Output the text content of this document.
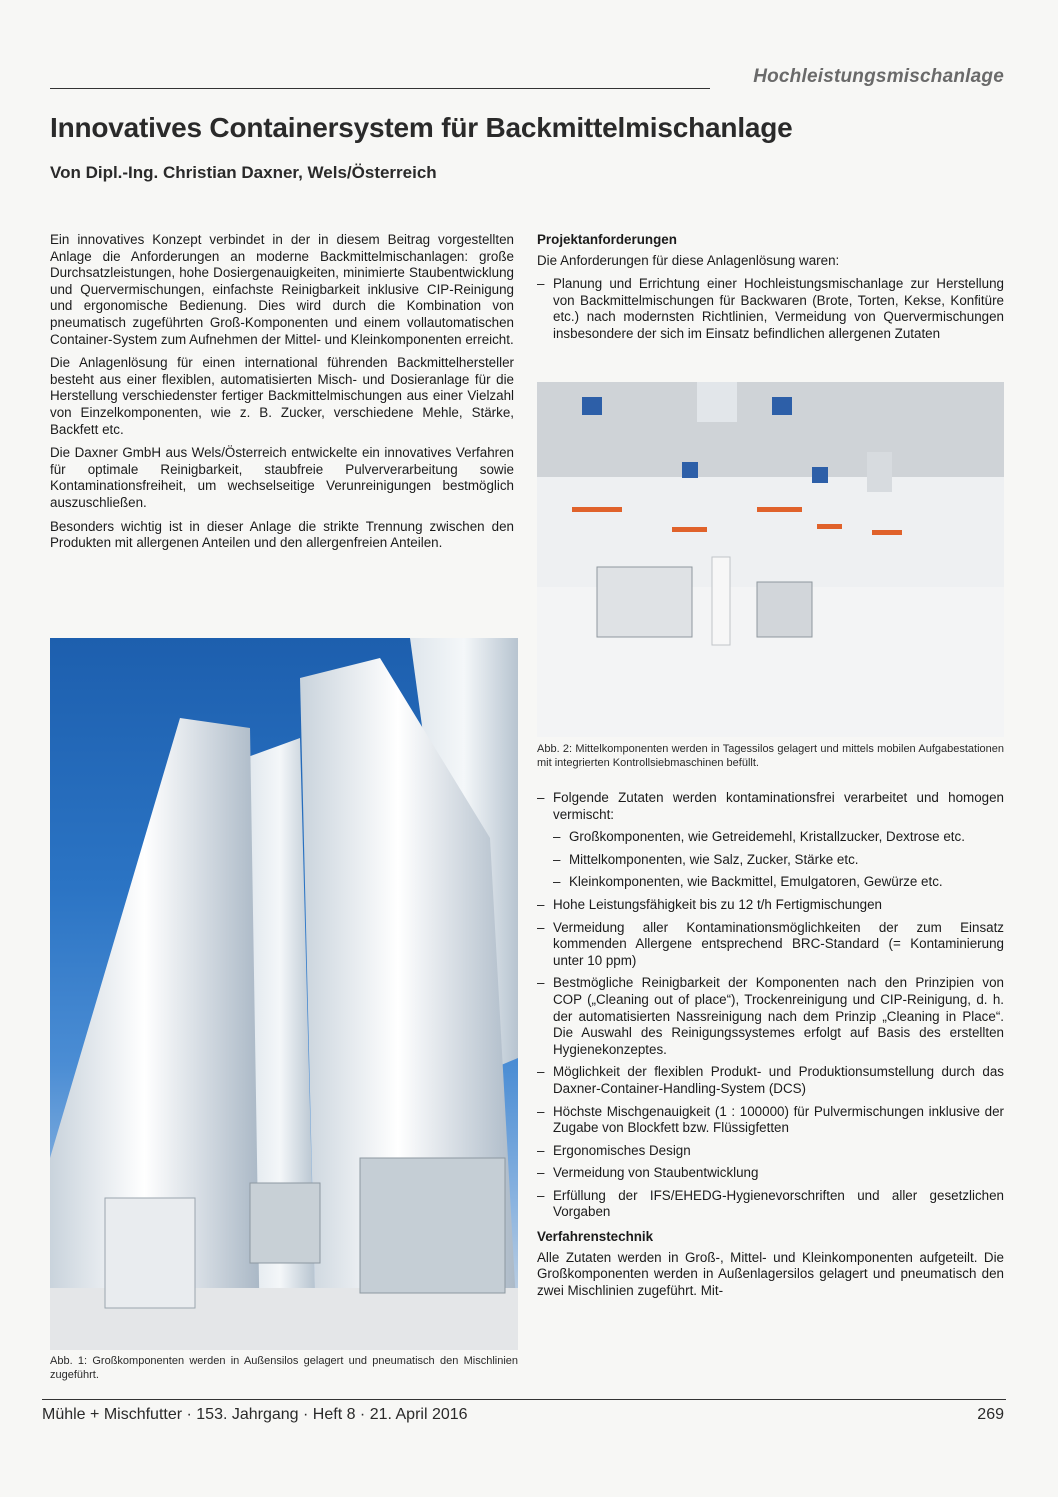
Hochleistungsmischanlage
Innovatives Containersystem für Backmittelmischanlage
Von Dipl.-Ing. Christian Daxner, Wels/Österreich

Ein innovatives Konzept verbindet in der in diesem Beitrag vorgestellten Anlage die Anforderungen an moderne Backmittelmischanlagen: große Durchsatzleistungen, hohe Dosiergenauigkeiten, minimierte Staubentwicklung und Quervermischungen, einfachste Reinigbarkeit inklusive CIP-Reinigung und ergonomische Bedienung. Dies wird durch die Kombination von pneumatisch zugeführten Groß-Komponenten und einem vollautomatischen Container-System zum Aufnehmen der Mittel- und Kleinkomponenten erreicht.

Die Anlagenlösung für einen international führenden Backmittelhersteller besteht aus einer flexiblen, automatisierten Misch- und Dosieranlage für die Herstellung verschiedenster fertiger Backmittelmischungen aus einer Vielzahl von Einzelkomponenten, wie z. B. Zucker, verschiedene Mehle, Stärke, Backfett etc.

Die Daxner GmbH aus Wels/Österreich entwickelte ein innovatives Verfahren für optimale Reinigbarkeit, staubfreie Pulververarbeitung sowie Kontaminationsfreiheit, um wechselseitige Verunreinigungen bestmöglich auszuschließen.

Besonders wichtig ist in dieser Anlage die strikte Trennung zwischen den Produkten mit allergenen Anteilen und den allergenfreien Anteilen.

Abb. 1: Großkomponenten werden in Außensilos gelagert und pneumatisch den Mischlinien zugeführt.
Projektanforderungen

Die Anforderungen für diese Anlagenlösung waren:

– Planung und Errichtung einer Hochleistungsmischanlage zur Herstellung von Backmittelmischungen für Backwaren (Brote, Torten, Kekse, Konfitüre etc.) nach modernsten Richtlinien, Vermeidung von Quervermischungen insbesondere der sich im Einsatz befindlichen allergenen Zutaten
Abb. 2: Mittelkomponenten werden in Tagessilos gelagert und mittels mobilen Aufgabestationen mit integrierten Kontrollsiebmaschinen befüllt.
– Folgende Zutaten werden kontaminationsfrei verarbeitet und homogen vermischt:
– Großkomponenten, wie Getreidemehl, Kristallzucker, Dextrose etc.
– Mittelkomponenten, wie Salz, Zucker, Stärke etc.
– Kleinkomponenten, wie Backmittel, Emulgatoren, Gewürze etc.
– Hohe Leistungsfähigkeit bis zu 12 t/h Fertigmischungen
– Vermeidung aller Kontaminationsmöglichkeiten der zum Einsatz kommenden Allergene entsprechend BRC-Standard (= Kontaminierung unter 10 ppm)
– Bestmögliche Reinigbarkeit der Komponenten nach den Prinzipien von COP („Cleaning out of place“), Trockenreinigung und CIP-Reinigung, d. h. der automatisierten Nassreinigung nach dem Prinzip „Cleaning in Place“. Die Auswahl des Reinigungssystemes erfolgt auf Basis des erstellten Hygienekonzeptes.
– Möglichkeit der flexiblen Produkt- und Produktionsumstellung durch das Daxner-Container-Handling-System (DCS)
– Höchste Mischgenauigkeit (1 : 100000) für Pulvermischungen inklusive der Zugabe von Blockfett bzw. Flüssigfetten
– Ergonomisches Design
– Vermeidung von Staubentwicklung
– Erfüllung der IFS/EHEDG-Hygienevorschriften und aller gesetzlichen Vorgaben
Verfahrenstechnik

Alle Zutaten werden in Groß-, Mittel- und Kleinkomponenten aufgeteilt. Die Großkomponenten werden in Außenlagersilos gelagert und pneumatisch den zwei Mischlinien zugeführt. Mit-

Mühle + Mischfutter · 153. Jahrgang · Heft 8 · 21. April 2016	269
